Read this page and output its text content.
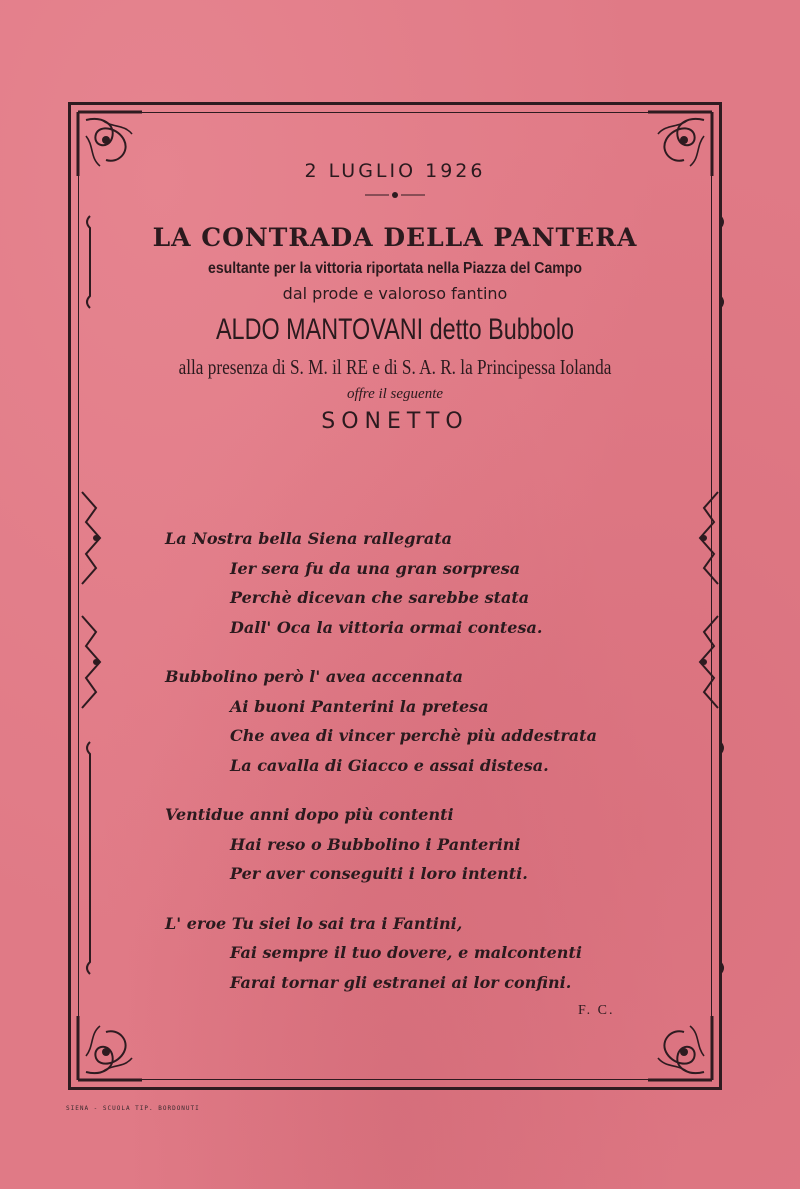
2 LUGLIO 1926
LA CONTRADA DELLA PANTERA
esultante per la vittoria riportata nella Piazza del Campo
dal prode e valoroso fantino
ALDO MANTOVANI detto Bubbolo
alla presenza di S. M. il RE e di S. A. R. la Principessa Iolanda
offre il seguente
SONETTO
La Nostra bella Siena rallegrata
Ier sera fu da una gran sorpresa
Perchè dicevan che sarebbe stata
Dall' Oca la vittoria ormai contesa.
Bubbolino però l' avea accennata
Ai buoni Panterini la pretesa
Che avea di vincer perchè più addestrata
La cavalla di Giacco e assai distesa.
Ventidue anni dopo più contenti
Hai reso o Bubbolino i Panterini
Per aver conseguiti i loro intenti.
L' eroe Tu siei lo sai tra i Fantini,
Fai sempre il tuo dovere, e malcontenti
Farai tornar gli estranei ai lor confini.
F. C.
SIENA - SCUOLA TIP. BORDONUTI
